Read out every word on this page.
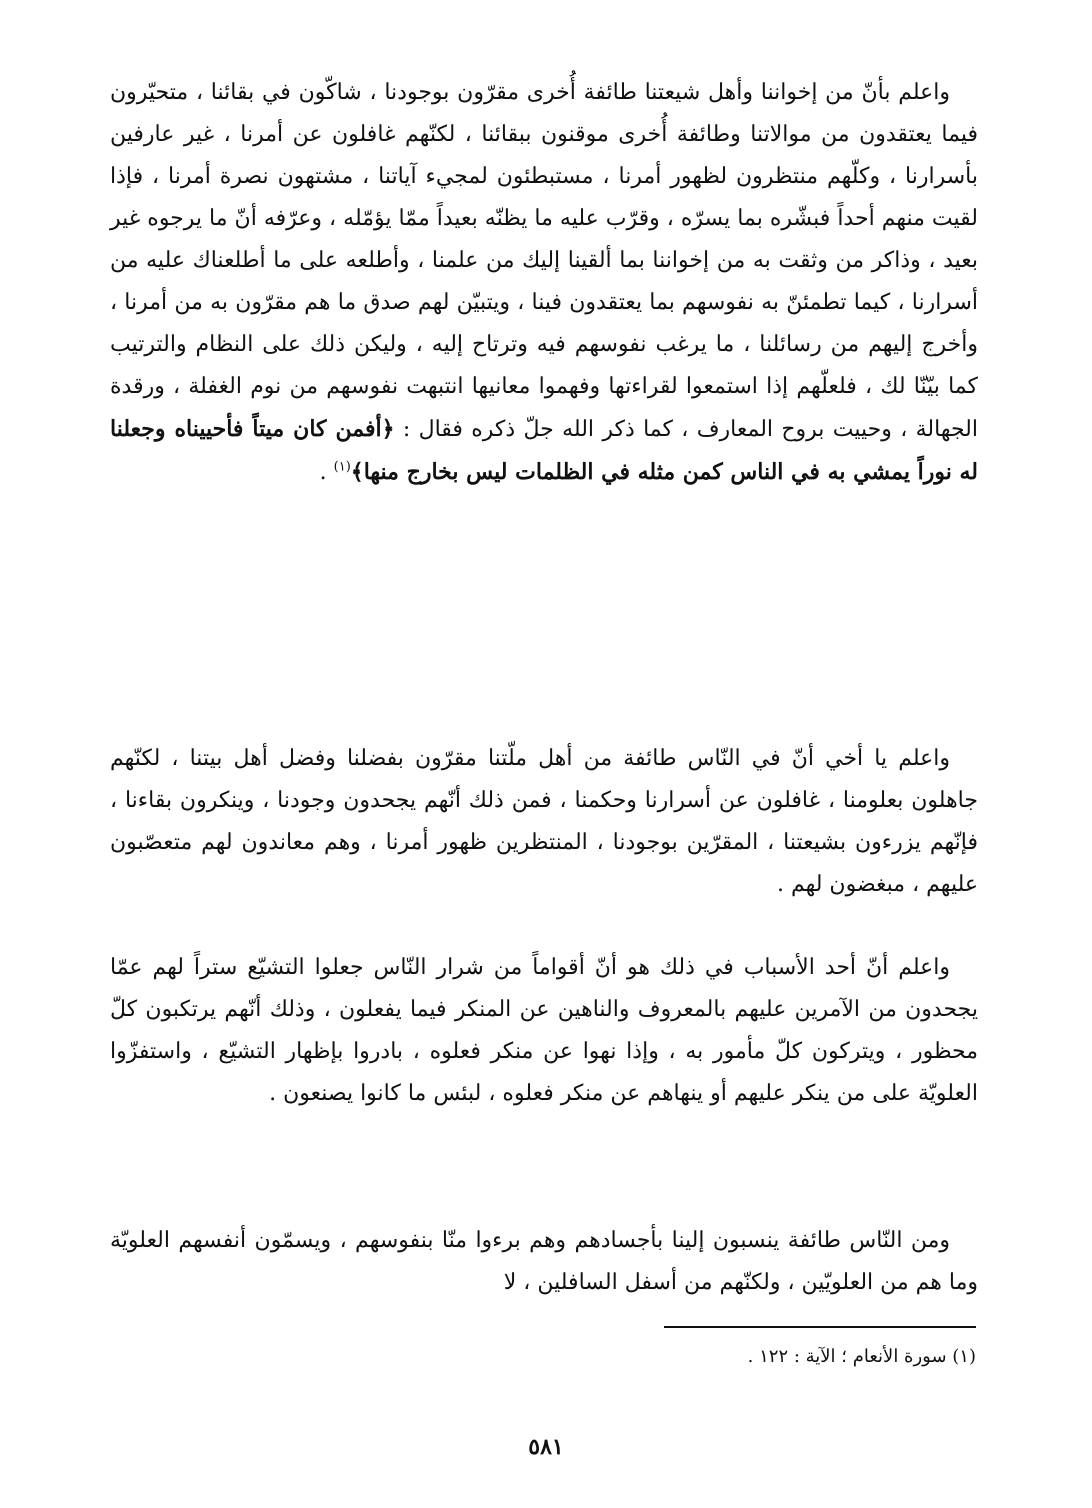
واعلم بأنّ من إخواننا وأهل شيعتنا طائفة أُخرى مقرّون بوجودنا ، شاكّون في بقائنا ، متحيّرون فيما يعتقدون من موالاتنا وطائفة أُخرى موقنون ببقائنا ، لكنّهم غافلون عن أمرنا ، غير عارفين بأسرارنا ، وكلّهم منتظرون لظهور أمرنا ، مستبطئون لمجيء آياتنا ، مشتهون نصرة أمرنا ، فإذا لقيت منهم أحداً فبشّره بما يسرّه ، وقرّب عليه ما يظنّه بعيداً ممّا يؤمّله ، وعرّفه أنّ ما يرجوه غير بعيد ، وذاكر من وثقت به من إخواننا بما ألقينا إليك من علمنا ، وأطلعه على ما أطلعناك عليه من أسرارنا ، كيما تطمئنّ به نفوسهم بما يعتقدون فينا ، ويتبيّن لهم صدق ما هم مقرّون به من أمرنا ، وأخرج إليهم من رسائلنا ، ما يرغب نفوسهم فيه وترتاح إليه ، وليكن ذلك على النظام والترتيب كما بيّنّا لك ، فلعلّهم إذا استمعوا لقراءتها وفهموا معانيها انتبهت نفوسهم من نوم الغفلة ، ورقدة الجهالة ، وحييت بروح المعارف ، كما ذكر الله جلّ ذكره فقال : ﴿أفمن كان ميتاً فأحييناه وجعلنا له نوراً يمشي به في الناس كمن مثله في الظلمات ليس بخارج منها﴾$^{(١)}$ .

واعلم يا أخي أنّ في النّاس طائفة من أهل ملّتنا مقرّون بفضلنا وفضل أهل بيتنا ، لكنّهم جاهلون بعلومنا ، غافلون عن أسرارنا وحكمنا ، فمن ذلك أنّهم يجحدون وجودنا ، وينكرون بقاءنا ، فإنّهم يزرءون بشيعتنا ، المقرّين بوجودنا ، المنتظرين ظهور أمرنا ، وهم معاندون لهم متعصّبون عليهم ، مبغضون لهم .

واعلم أنّ أحد الأسباب في ذلك هو أنّ أقواماً من شرار النّاس جعلوا التشيّع ستراً لهم عمّا يجحدون من الآمرين عليهم بالمعروف والناهين عن المنكر فيما يفعلون ، وذلك أنّهم يرتكبون كلّ محظور ، ويتركون كلّ مأمور به ، وإذا نهوا عن منكر فعلوه ، بادروا بإظهار التشيّع ، واستفزّوا العلويّة على من ينكر عليهم أو ينهاهم عن منكر فعلوه ، لبئس ما كانوا يصنعون .

ومن النّاس طائفة ينسبون إلينا بأجسادهم وهم برءوا منّا بنفوسهم ، ويسمّون أنفسهم العلويّة وما هم من العلويّين ، ولكنّهم من أسفل السافلين ، لا

(١) سورة الأنعام ؛ الآية : ١٢٢ .
٥٨١
